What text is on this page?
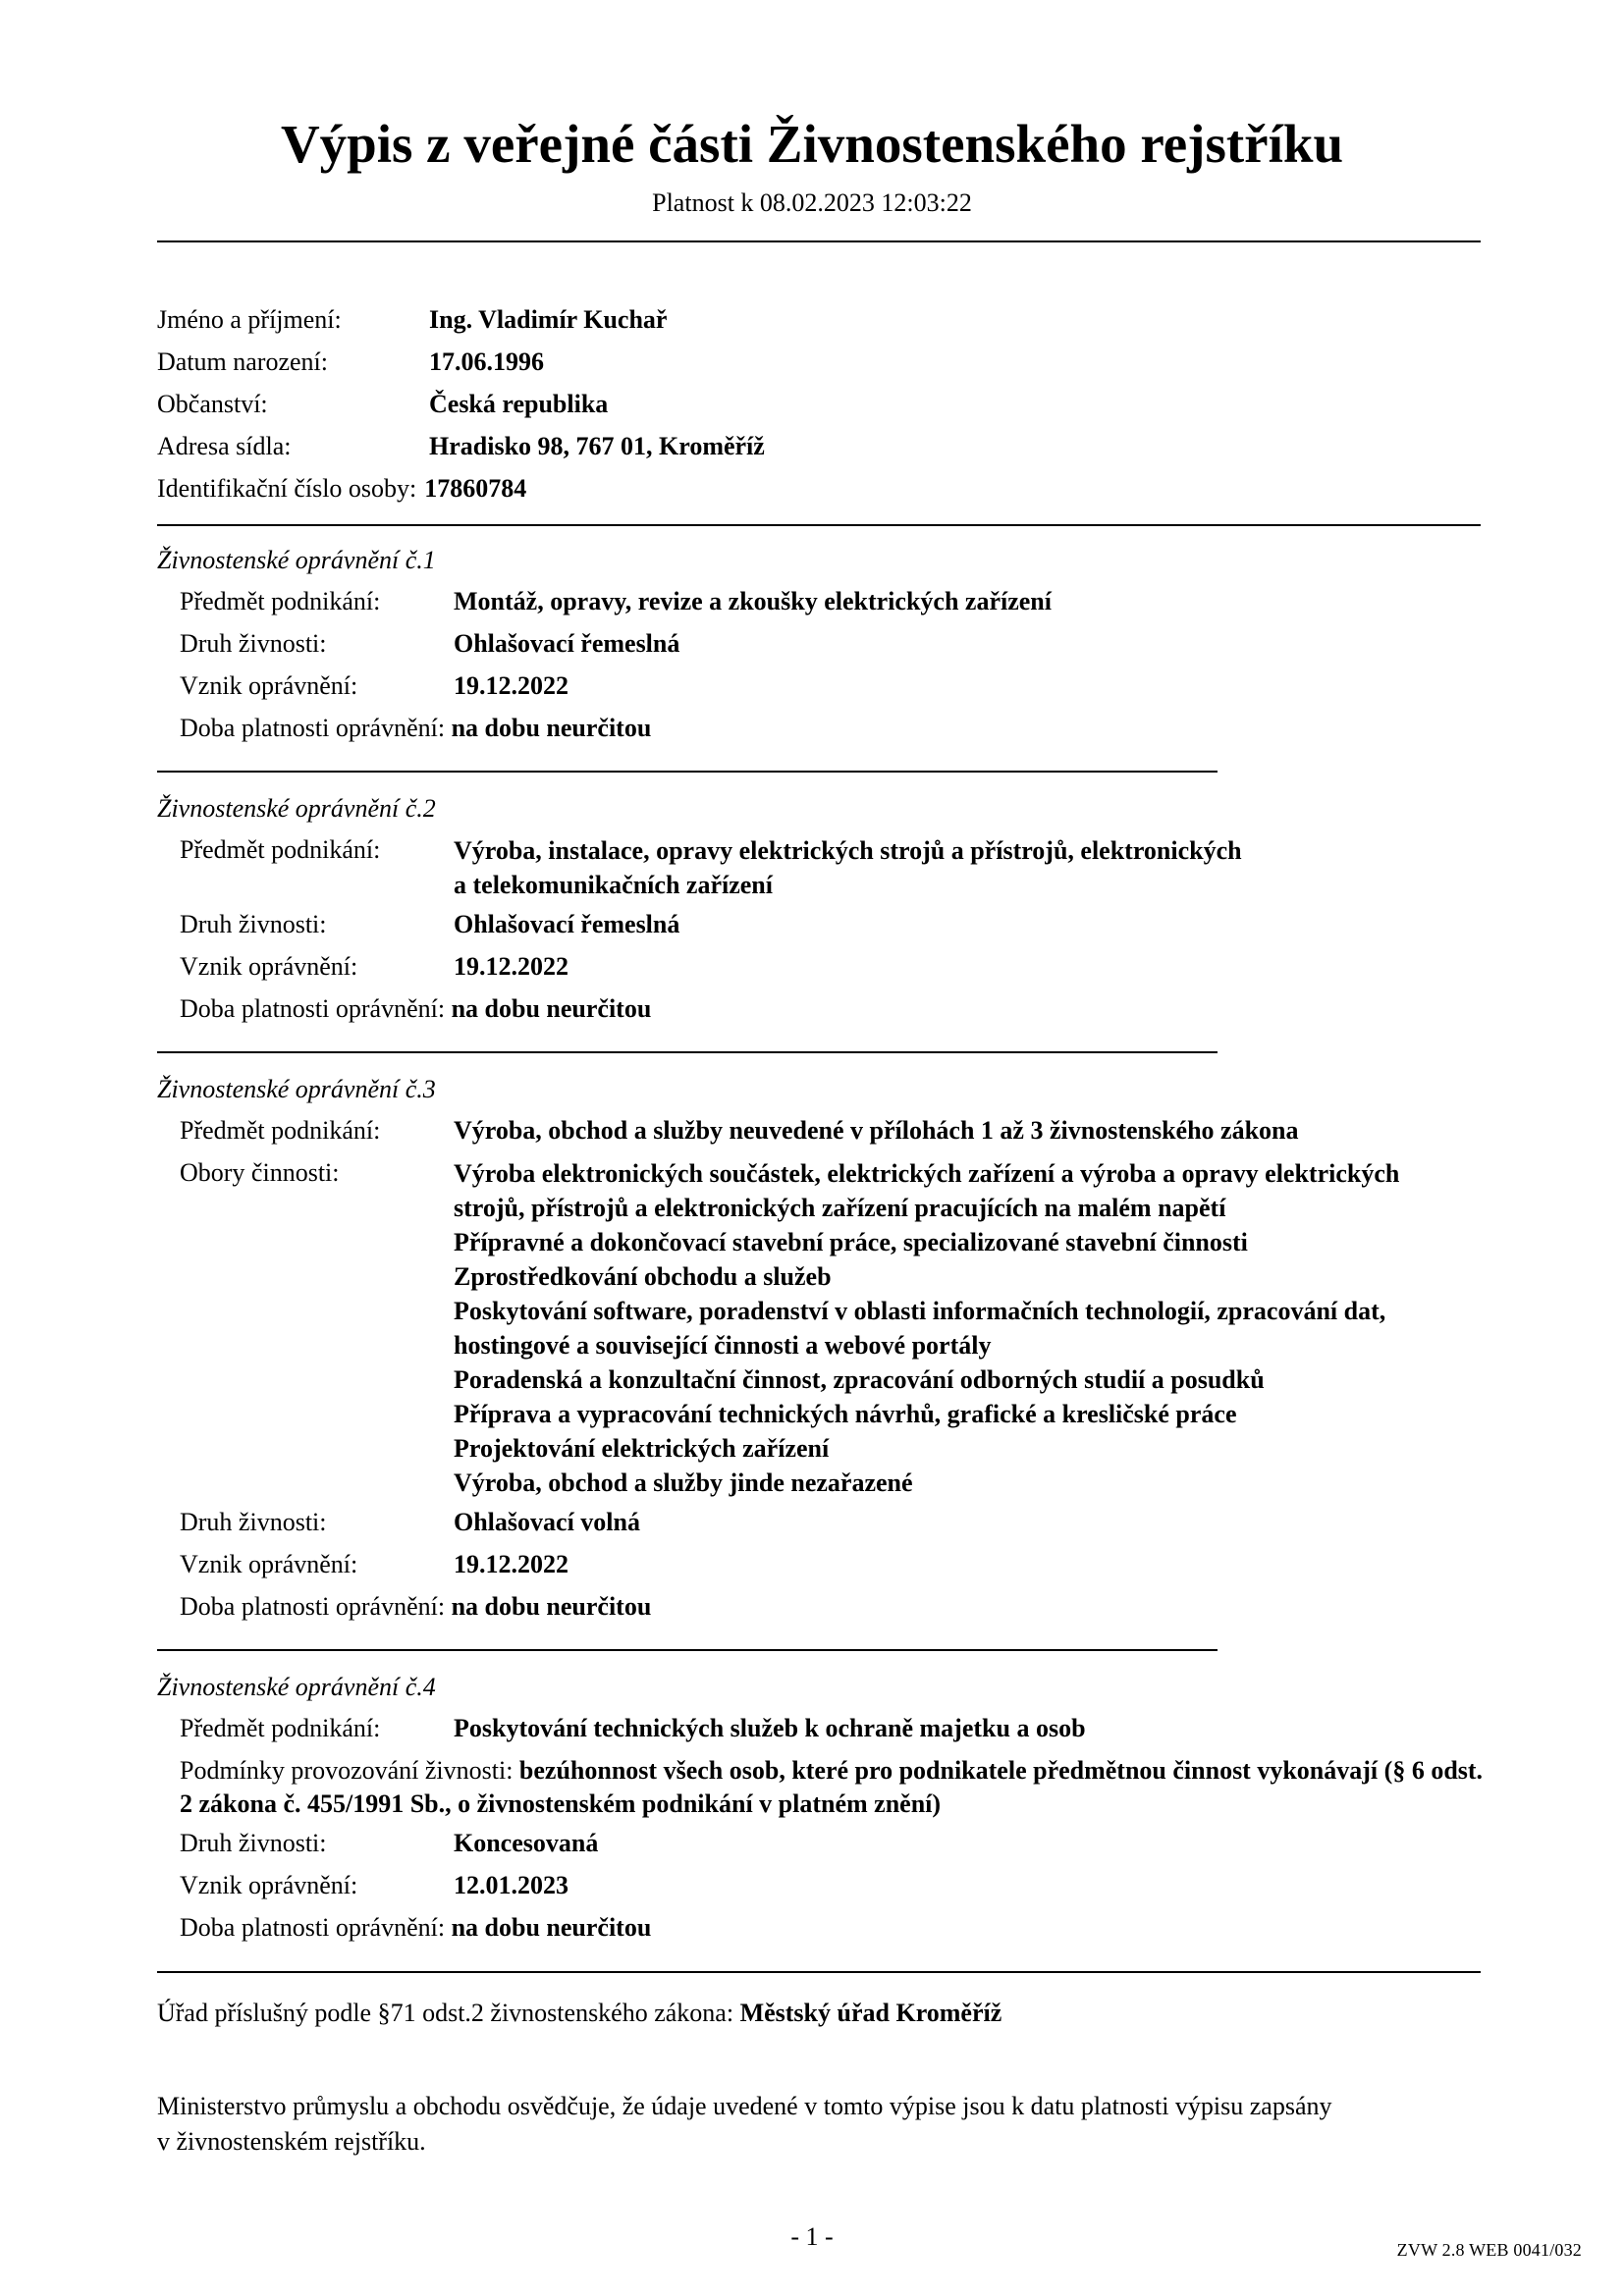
Výpis z veřejné části Živnostenského rejstříku
Platnost k 08.02.2023 12:03:22
Jméno a příjmení:	Ing. Vladimír Kuchař
Datum narození:	17.06.1996
Občanství:	Česká republika
Adresa sídla:	Hradisko 98, 767 01, Kroměříž
Identifikační číslo osoby: 17860784
Živnostenské oprávnění č.1
Předmět podnikání:	Montáž, opravy, revize a zkoušky elektrických zařízení
Druh živnosti:	Ohlašovací řemeslná
Vznik oprávnění:	19.12.2022
Doba platnosti oprávnění: na dobu neurčitou
Živnostenské oprávnění č.2
Předmět podnikání:	Výroba, instalace, opravy elektrických strojů a přístrojů, elektronických
a telekomunikačních zařízení
Druh živnosti:	Ohlašovací řemeslná
Vznik oprávnění:	19.12.2022
Doba platnosti oprávnění: na dobu neurčitou
Živnostenské oprávnění č.3
Předmět podnikání:	Výroba, obchod a služby neuvedené v přílohách 1 až 3 živnostenského zákona
Obory činnosti:	Výroba elektronických součástek, elektrických zařízení a výroba a opravy elektrických
strojů, přístrojů a elektronických zařízení pracujících na malém napětí
Přípravné a dokončovací stavební práce, specializované stavební činnosti
Zprostředkování obchodu a služeb
Poskytování software, poradenství v oblasti informačních technologií, zpracování dat,
hostingové a související činnosti a webové portály
Poradenská a konzultační činnost, zpracování odborných studií a posudků
Příprava a vypracování technických návrhů, grafické a kresličské práce
Projektování elektrických zařízení
Výroba, obchod a služby jinde nezařazené
Druh živnosti:	Ohlašovací volná
Vznik oprávnění:	19.12.2022
Doba platnosti oprávnění: na dobu neurčitou
Živnostenské oprávnění č.4
Předmět podnikání:	Poskytování technických služeb k ochraně majetku a osob
Podmínky provozování živnosti: bezúhonnost všech osob, které pro podnikatele předmětnou činnost vykonávají (§ 6 odst. 2 zákona č. 455/1991 Sb., o živnostenském podnikání v platném znění)
Druh živnosti:	Koncesovaná
Vznik oprávnění:	12.01.2023
Doba platnosti oprávnění: na dobu neurčitou
Úřad příslušný podle §71 odst.2 živnostenského zákona: Městský úřad Kroměříž
Ministerstvo průmyslu a obchodu osvědčuje, že údaje uvedené v tomto výpise jsou k datu platnosti výpisu zapsány
v živnostenském rejstříku.
- 1 -	ZVW 2.8 WEB 0041/032
